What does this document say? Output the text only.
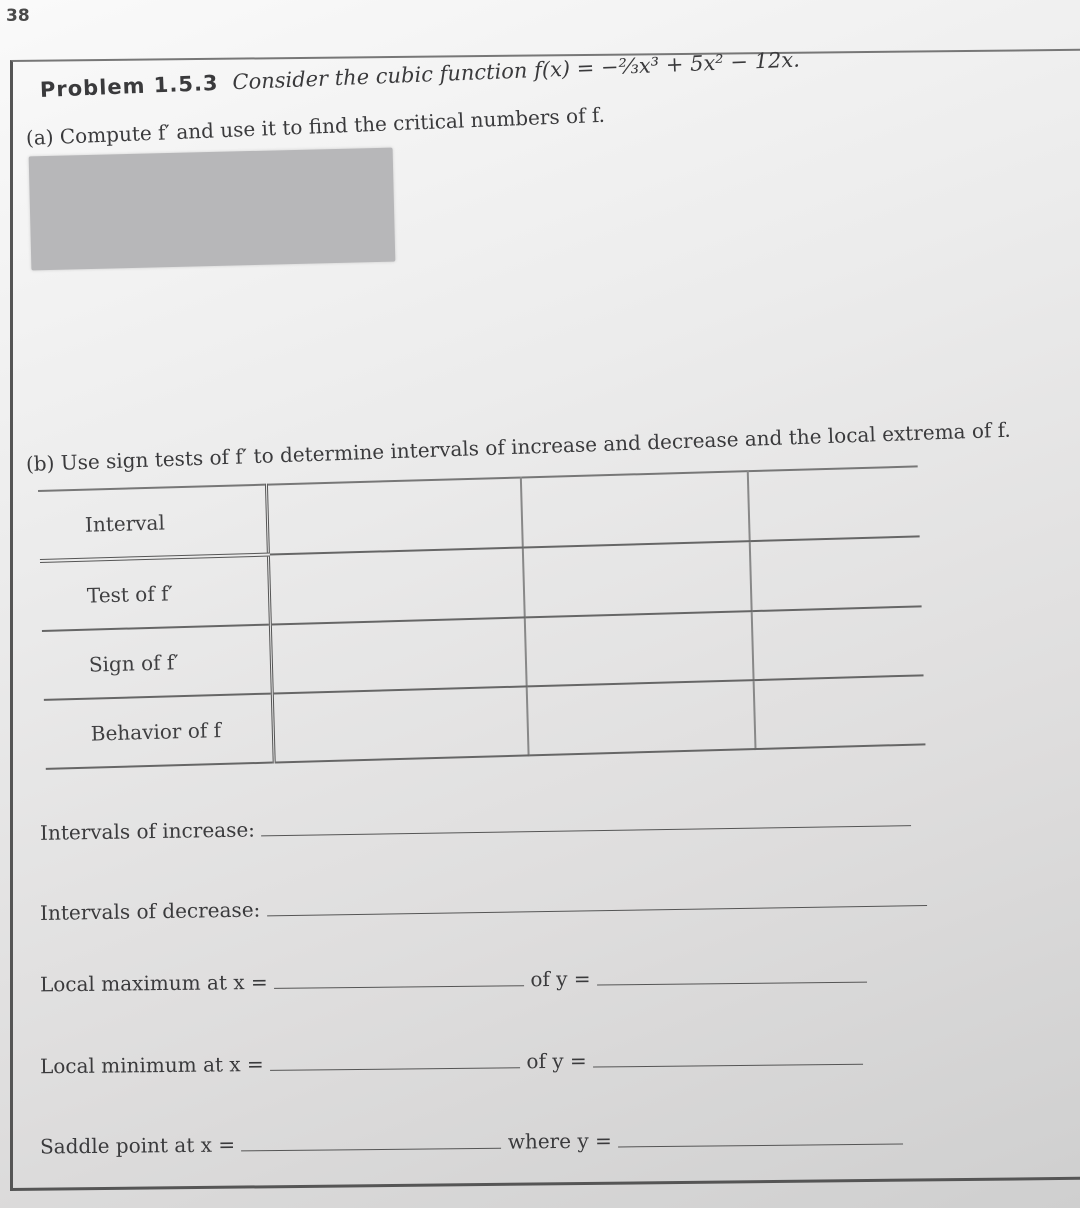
38
Problem 1.5.3 Consider the cubic function f(x) = −⅔x³ + 5x² − 12x.
(a) Compute f′ and use it to find the critical numbers of f.
(b) Use sign tests of f′ to determine intervals of increase and decrease and the local extrema of f.
Interval			
Test of f′			
Sign of f′			
Behavior of f			
Intervals of increase:
Intervals of decrease:
Local maximum at x =	of y =
Local minimum at x =	of y =
Saddle point at x =	where y =
